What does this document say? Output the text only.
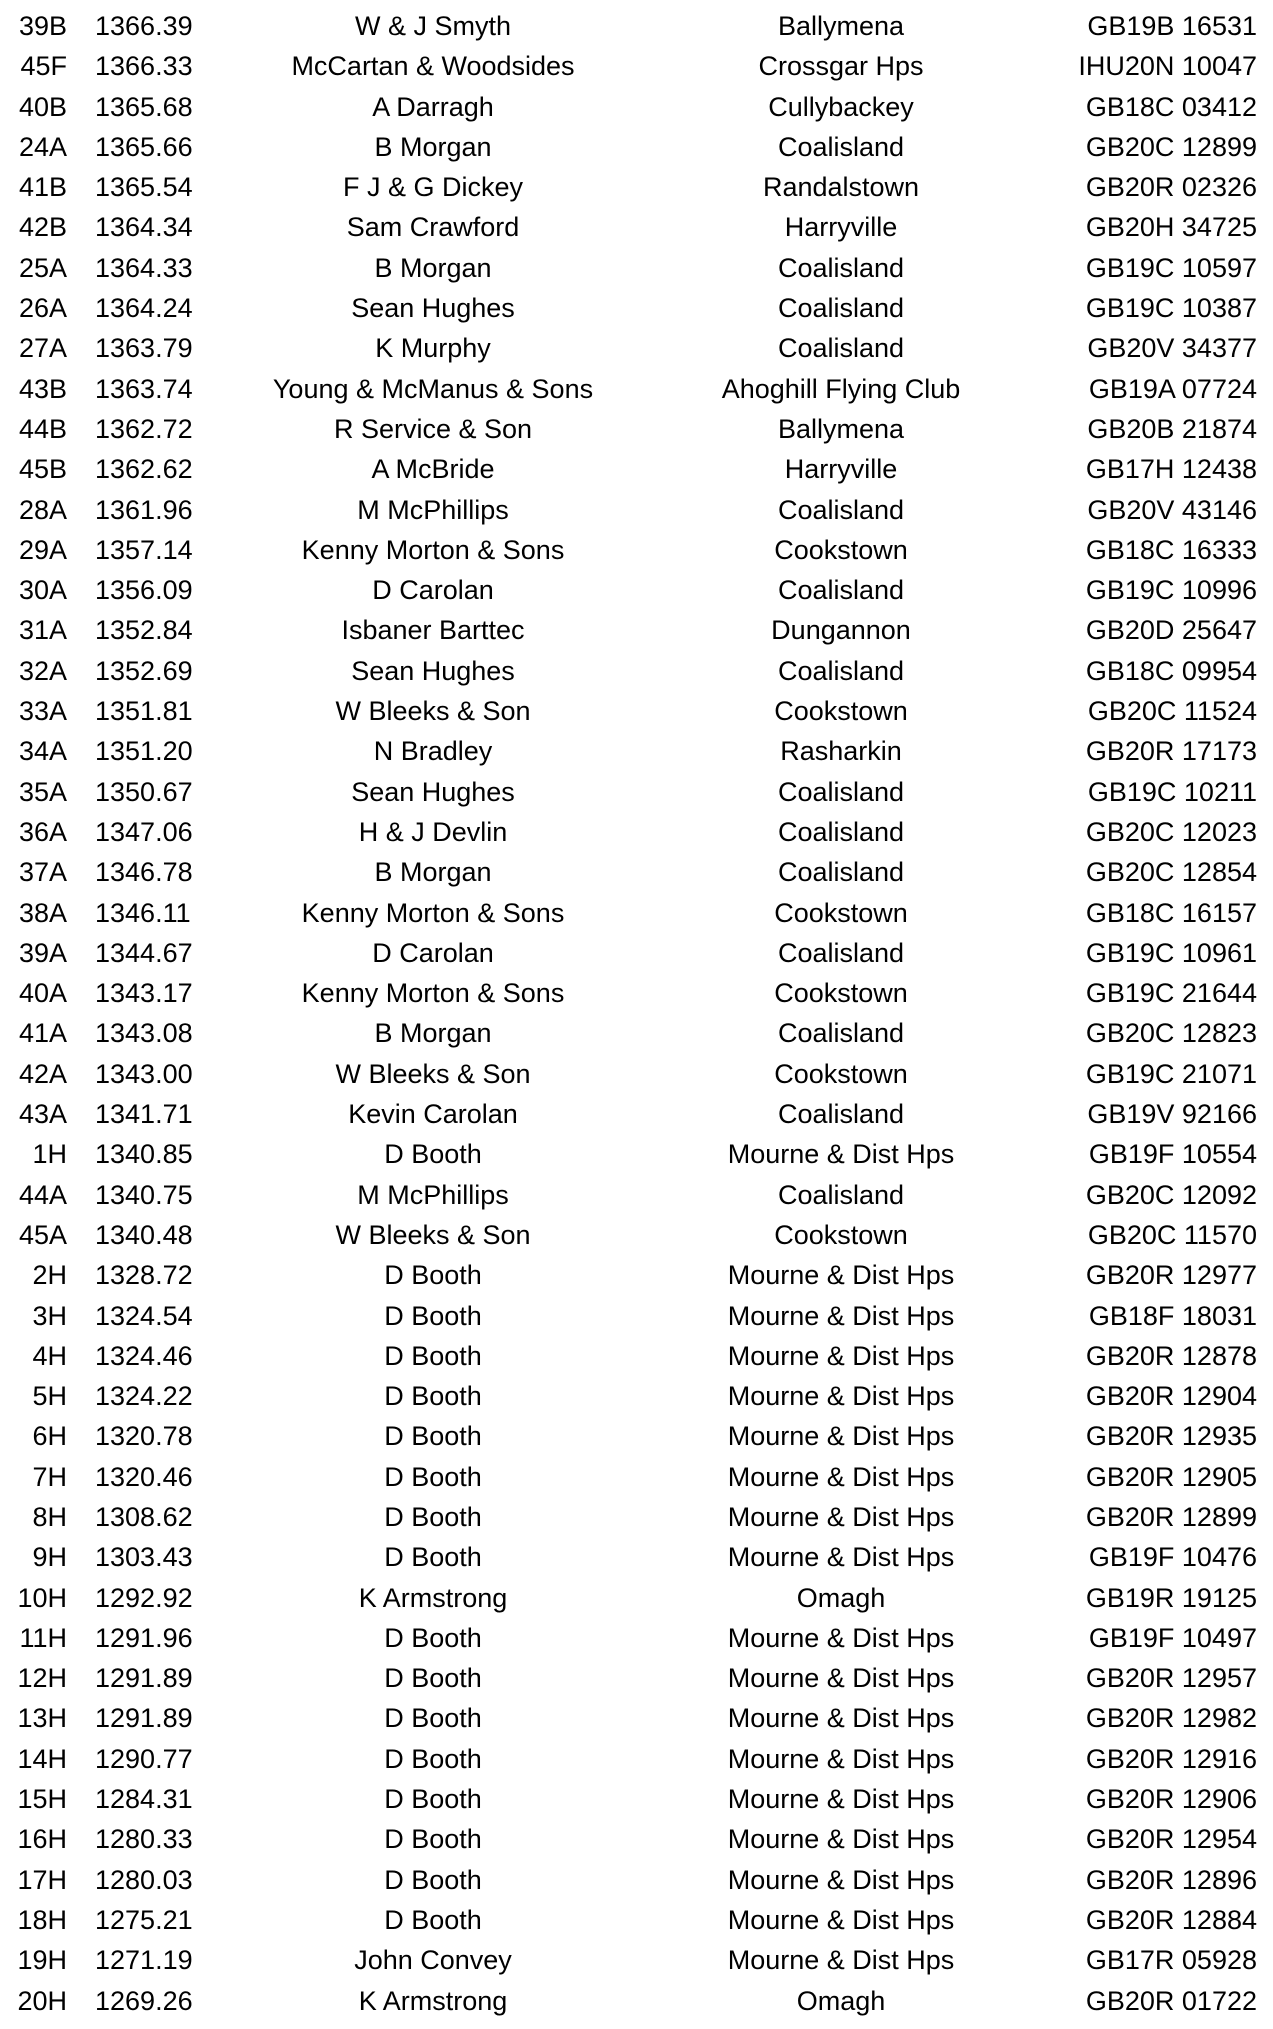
39B 1366.39	W & J Smyth	Ballymena	GB19B 16531
45F 1366.33	McCartan & Woodsides	Crossgar Hps	IHU20N 10047
40B 1365.68	A Darragh	Cullybackey	GB18C 03412
24A 1365.66	B Morgan	Coalisland	GB20C 12899
41B 1365.54	F J & G Dickey	Randalstown	GB20R 02326
42B 1364.34	Sam Crawford	Harryville	GB20H 34725
25A 1364.33	B Morgan	Coalisland	GB19C 10597
26A 1364.24	Sean Hughes	Coalisland	GB19C 10387
27A 1363.79	K Murphy	Coalisland	GB20V 34377
43B 1363.74	Young & McManus & Sons	Ahoghill Flying Club	GB19A 07724
44B 1362.72	R Service & Son	Ballymena	GB20B 21874
45B 1362.62	A McBride	Harryville	GB17H 12438
28A 1361.96	M McPhillips	Coalisland	GB20V 43146
29A 1357.14	Kenny Morton & Sons	Cookstown	GB18C 16333
30A 1356.09	D Carolan	Coalisland	GB19C 10996
31A 1352.84	Isbaner Barttec	Dungannon	GB20D 25647
32A 1352.69	Sean Hughes	Coalisland	GB18C 09954
33A 1351.81	W Bleeks & Son	Cookstown	GB20C 11524
34A 1351.20	N Bradley	Rasharkin	GB20R 17173
35A 1350.67	Sean Hughes	Coalisland	GB19C 10211
36A 1347.06	H & J Devlin	Coalisland	GB20C 12023
37A 1346.78	B Morgan	Coalisland	GB20C 12854
38A 1346.11	Kenny Morton & Sons	Cookstown	GB18C 16157
39A 1344.67	D Carolan	Coalisland	GB19C 10961
40A 1343.17	Kenny Morton & Sons	Cookstown	GB19C 21644
41A 1343.08	B Morgan	Coalisland	GB20C 12823
42A 1343.00	W Bleeks & Son	Cookstown	GB19C 21071
43A 1341.71	Kevin Carolan	Coalisland	GB19V 92166
1H 1340.85	D Booth	Mourne & Dist Hps	GB19F 10554
44A 1340.75	M McPhillips	Coalisland	GB20C 12092
45A 1340.48	W Bleeks & Son	Cookstown	GB20C 11570
2H 1328.72	D Booth	Mourne & Dist Hps	GB20R 12977
3H 1324.54	D Booth	Mourne & Dist Hps	GB18F 18031
4H 1324.46	D Booth	Mourne & Dist Hps	GB20R 12878
5H 1324.22	D Booth	Mourne & Dist Hps	GB20R 12904
6H 1320.78	D Booth	Mourne & Dist Hps	GB20R 12935
7H 1320.46	D Booth	Mourne & Dist Hps	GB20R 12905
8H 1308.62	D Booth	Mourne & Dist Hps	GB20R 12899
9H 1303.43	D Booth	Mourne & Dist Hps	GB19F 10476
10H 1292.92	K Armstrong	Omagh	GB19R 19125
11H 1291.96	D Booth	Mourne & Dist Hps	GB19F 10497
12H 1291.89	D Booth	Mourne & Dist Hps	GB20R 12957
13H 1291.89	D Booth	Mourne & Dist Hps	GB20R 12982
14H 1290.77	D Booth	Mourne & Dist Hps	GB20R 12916
15H 1284.31	D Booth	Mourne & Dist Hps	GB20R 12906
16H 1280.33	D Booth	Mourne & Dist Hps	GB20R 12954
17H 1280.03	D Booth	Mourne & Dist Hps	GB20R 12896
18H 1275.21	D Booth	Mourne & Dist Hps	GB20R 12884
19H 1271.19	John Convey	Mourne & Dist Hps	GB17R 05928
20H 1269.26	K Armstrong	Omagh	GB20R 01722
